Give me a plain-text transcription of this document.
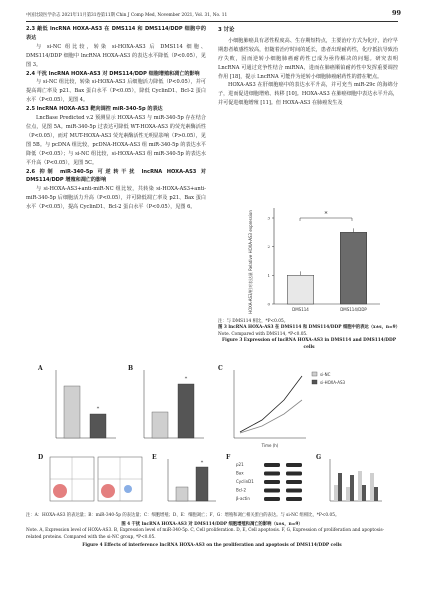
中国比较医学杂志 2021年11月第31卷第11期 Chin J Comp Med, November 2021, Vol. 31, No. 11	99

2.3 敲低 lncRNA HOXA-AS3 在 DMS114 和 DMS114/DDP 细胞中的表达

与 si-NC 组比较，转染 si-HOXA-AS3 后 DMS114 细胞、DMS114/DDP 细胞中 lncRNA HOXA-AS3 的表达水平降低（P<0.05），见图 3。

2.4 干扰 lncRNA HOXA-AS3 对 DMS114/DDP 细胞增殖和凋亡的影响

与 si-NC 组比较，转染 si-HOXA-AS3 后细胞活力降低（P<0.05），并可提高凋亡率及 p21、Bax 蛋白水平（P<0.05），降低 CyclinD1、Bcl-2 蛋白水平（P<0.05），见图 4。

2.5 lncRNA HOXA-AS3 靶向调控 miR-340-5p 的表达

LncBase Predicted v.2 预测显示 HOXA-AS3 与 miR-340-5p 存在结合位点，见图 5A。miR-340-5p 过表达可降低 WT-HOXA-AS3 的荧光素酶活性（P<0.05），而对 MUT-HOXA-AS3 荧光素酶活性无明显影响（P>0.05），见图 5B。与 pcDNA 组比较，pcDNA-HOXA-AS3 组 miR-340-5p 的表达水平降低（P<0.05）；与 si-NC 组比较，si-HOXA-AS3 组 miR-340-5p 的表达水平升高（P<0.05），见图 5C。

2.6 抑制 miR-340-5p 可逆转干扰 lncRNA HOXA-AS3 对 DMS114/DDP 增殖和凋亡的影响

与 si-HOXA-AS3+anti-miR-NC 组比较，共转染 si-HOXA-AS3+anti-miR-340-5p 后细胞活力升高（P<0.05），并可降低凋亡率及 p21、Bax 蛋白水平（P<0.05），提高 CyclinD1、Bcl-2 蛋白水平（P<0.05），见图 6。

3 讨论

小细胞肺癌具有恶性程度高、生存期短特点，主要治疗方式为化疗，治疗早期患者敏感性较高，但随着治疗时间的延长，患者出现耐药性，化疗抵抗导致治疗失败，因而逆转小细胞肺癌耐药性已成为亟待解决的问题。研究表明 LncRNA 可通过竞争性结合 miRNA，进而在肺癌顺铂耐药性中发挥重要调控作用 [18]，提示 LncRNA 可能作为逆转小细胞肺癌耐药性的潜在靶点。

HOXA-AS3 在肝细胞癌中的表达水平升高，并可充当 miR-29c 的海绵分子，进而促进细胞增殖、转移 [10]。HOXA-AS3 在肺癌细胞中表达水平升高，并可促进细胞增殖 [11]。但 HOXA-AS3 在肺癌发生及

HOXA-AS3/相对表达量 Relative HOXA-AS3 expression	0
1
2
3	*
DMS114	DMS114/DDP
注：与 DMS114 相比，*P<0.05。
图 3 lncRNA HOXA-AS3 在 DMS114 和 DMS114/DDP 细胞中的表达（x±s，n=9）
Note. Compared with DMS114, *P<0.05.
Figure 3 Expression of lncRNA HOXA-AS3 in DMS114 and DMS114/DDP cells
A
*
B
*
C
Time (h)
si-NC
si-HOXA-AS3
D	E
*
F
p21
Bax
CyclinD1
Bcl-2
β-actin
G
注：A：HOXA-AS3 的表达量；B：miR-340-5p 的表达量；C：细胞增殖；D、E：细胞凋亡；F、G：增殖和凋亡相关蛋白的表达。与 si-NC 组相比，*P<0.05。
图 4 干扰 lncRNA HOXA-AS3 对 DMS114/DDP 细胞增殖和凋亡的影响（x±s，n=9）
Note. A, Expression level of HOXA-AS3. B, Expression level of miR-340-5p. C, Cell proliferation. D, E, Cell apoptosis. F, G, Expression of proliferation and apoptosis-related proteins. Compared with the si-NC group, *P<0.05.
Figure 4 Effects of interference lncRNA HOXA-AS3 on the proliferation and apoptosis of DMS114/DDP cells
